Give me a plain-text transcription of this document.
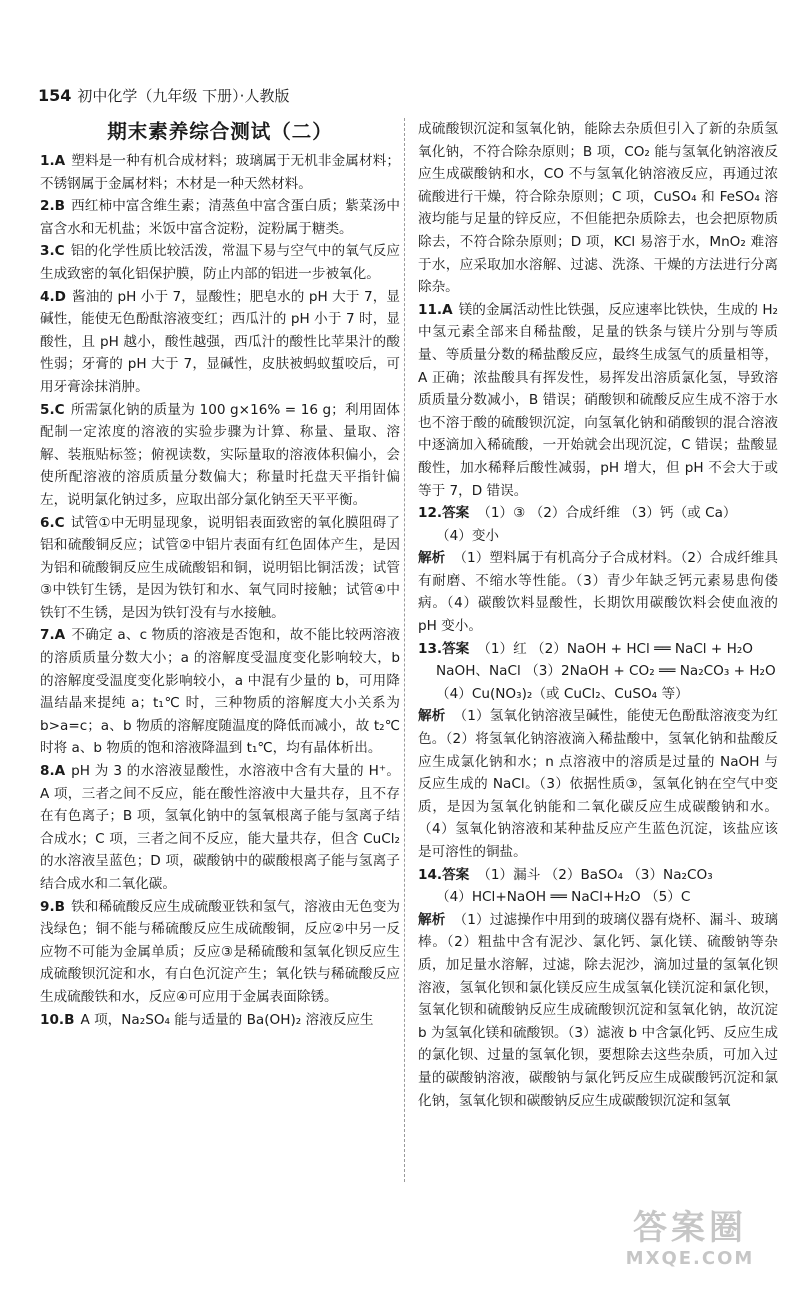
154 初中化学（九年级 下册）·人教版
期末素养综合测试（二）

1.A 塑料是一种有机合成材料；玻璃属于无机非金属材料；不锈钢属于金属材料；木材是一种天然材料。

2.B 西红柿中富含维生素；清蒸鱼中富含蛋白质；紫菜汤中富含水和无机盐；米饭中富含淀粉，淀粉属于糖类。

3.C 铝的化学性质比较活泼，常温下易与空气中的氧气反应生成致密的氧化铝保护膜，防止内部的铝进一步被氧化。

4.D 酱油的 pH 小于 7，显酸性；肥皂水的 pH 大于 7，显碱性，能使无色酚酞溶液变红；西瓜汁的 pH 小于 7 时，显酸性，且 pH 越小，酸性越强，西瓜汁的酸性比苹果汁的酸性弱；牙膏的 pH 大于 7，显碱性，皮肤被蚂蚁蜇咬后，可用牙膏涂抹消肿。

5.C 所需氯化钠的质量为 100 g×16% = 16 g；利用固体配制一定浓度的溶液的实验步骤为计算、称量、量取、溶解、装瓶贴标签；俯视读数，实际量取的溶液体积偏小，会使所配溶液的溶质质量分数偏大；称量时托盘天平指针偏左，说明氯化钠过多，应取出部分氯化钠至天平平衡。

6.C 试管①中无明显现象，说明铝表面致密的氧化膜阻碍了铝和硫酸铜反应；试管②中铝片表面有红色固体产生，是因为铝和硫酸铜反应生成硫酸铝和铜，说明铝比铜活泼；试管③中铁钉生锈，是因为铁钉和水、氧气同时接触；试管④中铁钉不生锈，是因为铁钉没有与水接触。

7.A 不确定 a、c 物质的溶液是否饱和，故不能比较两溶液的溶质质量分数大小；a 的溶解度受温度变化影响较大，b 的溶解度受温度变化影响较小，a 中混有少量的 b，可用降温结晶来提纯 a；t₁℃ 时，三种物质的溶解度大小关系为 b>a=c；a、b 物质的溶解度随温度的降低而减小，故 t₂℃ 时将 a、b 物质的饱和溶液降温到 t₁℃，均有晶体析出。

8.A pH 为 3 的水溶液显酸性，水溶液中含有大量的 H⁺。A 项，三者之间不反应，能在酸性溶液中大量共存，且不存在有色离子；B 项，氢氧化钠中的氢氧根离子能与氢离子结合成水；C 项，三者之间不反应，能大量共存，但含 CuCl₂ 的水溶液呈蓝色；D 项，碳酸钠中的碳酸根离子能与氢离子结合成水和二氧化碳。

9.B 铁和稀硫酸反应生成硫酸亚铁和氢气，溶液由无色变为浅绿色；铜不能与稀硫酸反应生成硫酸铜，反应②中另一反应物不可能为金属单质；反应③是稀硫酸和氢氧化钡反应生成硫酸钡沉淀和水，有白色沉淀产生；氧化铁与稀硫酸反应生成硫酸铁和水，反应④可应用于金属表面除锈。

10.B A 项，Na₂SO₄ 能与适量的 Ba(OH)₂ 溶液反应生

成硫酸钡沉淀和氢氧化钠，能除去杂质但引入了新的杂质氢氧化钠，不符合除杂原则；B 项，CO₂ 能与氢氧化钠溶液反应生成碳酸钠和水，CO 不与氢氧化钠溶液反应，再通过浓硫酸进行干燥，符合除杂原则；C 项，CuSO₄ 和 FeSO₄ 溶液均能与足量的锌反应，不但能把杂质除去，也会把原物质除去，不符合除杂原则；D 项，KCl 易溶于水，MnO₂ 难溶于水，应采取加水溶解、过滤、洗涤、干燥的方法进行分离除杂。

11.A 镁的金属活动性比铁强，反应速率比铁快，生成的 H₂ 中氢元素全部来自稀盐酸，足量的铁条与镁片分别与等质量、等质量分数的稀盐酸反应，最终生成氢气的质量相等，A 正确；浓盐酸具有挥发性，易挥发出溶质氯化氢，导致溶质质量分数减小，B 错误；硝酸钡和硫酸反应生成不溶于水也不溶于酸的硫酸钡沉淀，向氢氧化钠和硝酸钡的混合溶液中逐滴加入稀硫酸，一开始就会出现沉淀，C 错误；盐酸显酸性，加水稀释后酸性减弱，pH 增大，但 pH 不会大于或等于 7，D 错误。

12.答案 （1）③ （2）合成纤维 （3）钙（或 Ca）

（4）变小

解析 （1）塑料属于有机高分子合成材料。（2）合成纤维具有耐磨、不缩水等性能。（3）青少年缺乏钙元素易患佝偻病。（4）碳酸饮料显酸性，长期饮用碳酸饮料会使血液的 pH 变小。

13.答案 （1）红 （2）NaOH + HCl ══ NaCl + H₂O

NaOH、NaCl （3）2NaOH + CO₂ ══ Na₂CO₃ + H₂O

（4）Cu(NO₃)₂（或 CuCl₂、CuSO₄ 等）

解析 （1）氢氧化钠溶液呈碱性，能使无色酚酞溶液变为红色。（2）将氢氧化钠溶液滴入稀盐酸中，氢氧化钠和盐酸反应生成氯化钠和水；n 点溶液中的溶质是过量的 NaOH 与反应生成的 NaCl。（3）依据性质③，氢氧化钠在空气中变质，是因为氢氧化钠能和二氧化碳反应生成碳酸钠和水。（4）氢氧化钠溶液和某种盐反应产生蓝色沉淀，该盐应该是可溶性的铜盐。

14.答案 （1）漏斗 （2）BaSO₄ （3）Na₂CO₃

（4）HCl+NaOH ══ NaCl+H₂O （5）C

解析 （1）过滤操作中用到的玻璃仪器有烧杯、漏斗、玻璃棒。（2）粗盐中含有泥沙、氯化钙、氯化镁、硫酸钠等杂质，加足量水溶解，过滤，除去泥沙，滴加过量的氢氧化钡溶液，氢氧化钡和氯化镁反应生成氢氧化镁沉淀和氯化钡，氢氧化钡和硫酸钠反应生成硫酸钡沉淀和氢氧化钠，故沉淀 b 为氢氧化镁和硫酸钡。（3）滤液 b 中含氯化钙、反应生成的氯化钡、过量的氢氧化钡，要想除去这些杂质，可加入过量的碳酸钠溶液，碳酸钠与氯化钙反应生成碳酸钙沉淀和氯化钠，氢氧化钡和碳酸钠反应生成碳酸钡沉淀和氢氧

答案圈
MXQE.COM
